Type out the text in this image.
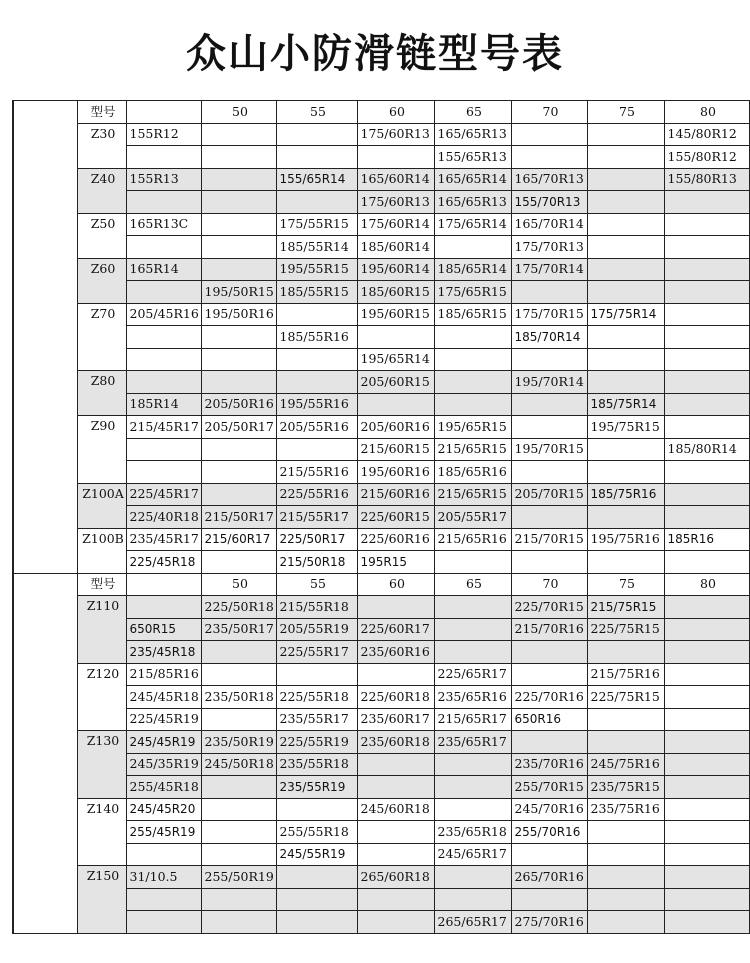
众山小防滑链型号表
	型号		50	55	60	65	70	75	80
	Z30	155R12			175/60R13	165/65R13			145/80R12
						155/65R13			155/80R12
	Z40	155R13		155/65R14	165/60R14	165/65R14	165/70R13		155/80R13
					175/60R13	165/65R13	155/70R13		
	Z50	165R13C		175/55R15	175/60R14	175/65R14	165/70R14		
				185/55R14	185/60R14		175/70R13		
	Z60	165R14		195/55R15	195/60R14	185/65R14	175/70R14		
			195/50R15	185/55R15	185/60R15	175/65R15			
	Z70	205/45R16	195/50R16		195/60R15	185/65R15	175/70R15	175/75R14	
				185/55R16			185/70R14		
					195/65R14				
	Z80				205/60R15		195/70R14		
		185R14	205/50R16	195/55R16				185/75R14	
	Z90	215/45R17	205/50R17	205/55R16	205/60R16	195/65R15		195/75R15	
					215/60R15	215/65R15	195/70R15		185/80R14
				215/55R16	195/60R16	185/65R16			
	Z100A	225/45R17		225/55R16	215/60R16	215/65R15	205/70R15	185/75R16	
		225/40R18	215/50R17	215/55R17	225/60R15	205/55R17			
	Z100B	235/45R17	215/60R17	225/50R17	225/60R16	215/65R16	215/70R15	195/75R16	185R16
		225/45R18		215/50R18	195R15				
	型号		50	55	60	65	70	75	80
	Z110		225/50R18	215/55R18			225/70R15	215/75R15	
		650R15	235/50R17	205/55R19	225/60R17		215/70R16	225/75R15	
		235/45R18		225/55R17	235/60R16				
	Z120	215/85R16				225/65R17		215/75R16	
		245/45R18	235/50R18	225/55R18	225/60R18	235/65R16	225/70R16	225/75R15	
		225/45R19		235/55R17	235/60R17	215/65R17	650R16		
	Z130	245/45R19	235/50R19	225/55R19	235/60R18	235/65R17			
		245/35R19	245/50R18	235/55R18			235/70R16	245/75R16	
		255/45R18		235/55R19			255/70R15	235/75R15	
	Z140	245/45R20			245/60R18		245/70R16	235/75R16	
		255/45R19		255/55R18		235/65R18	255/70R16		
				245/55R19		245/65R17			
	Z150	31/10.5	255/50R19		265/60R18		265/70R16		

						265/65R17	275/70R16		
